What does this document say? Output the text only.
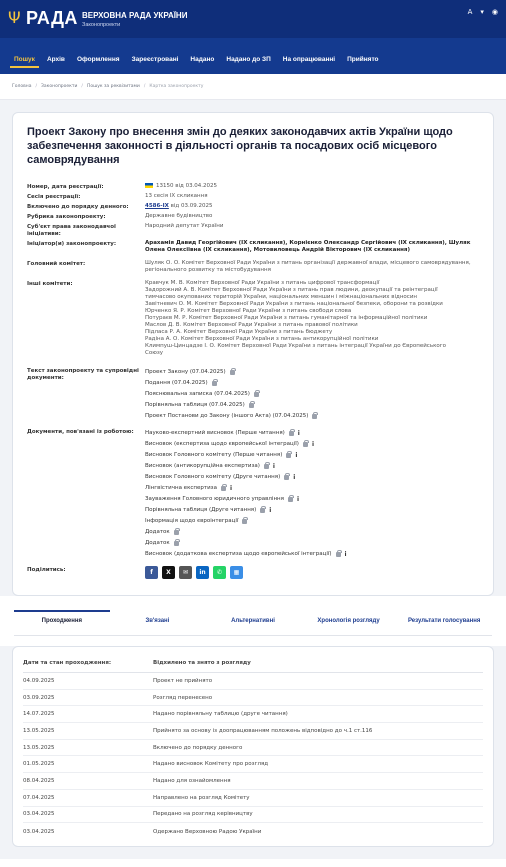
Ψ РАДА ВЕРХОВНА РАДА УКРАЇНИ
Законопроекти
A ▾ ◉
Пошук	Архів	Оформлення	Зареєстровані	Надано	Надано до ЗП	На опрацюванні	Прийнято
Головна / Законопроекти / Пошук за реквізитами / Картка законопроекту
Проект Закону про внесення змін до деяких законодавчих актів України щодо забезпечення законності в діяльності органів та посадових осіб місцевого самоврядування
Номер, дата реєстрації:	13150 від 03.04.2025
Сесія реєстрації:	13 сесія IX скликання
Включено до порядку денного:	4586-IX від 03.09.2025
Рубрика законопроекту:	Державне будівництво
Суб'єкт права законодавчої ініціативи:
Народний депутат України
Ініціатор(и) законопроекту:	Арахамія Давид Георгійович (IX скликання), Корнієнко Олександр Сергійович (IX скликання), Шуляк Олена Олексіївна (IX скликання), Мотовиловець Андрій Вікторович (IX скликання)
Головний комітет:	Шуляк О. О. Комітет Верховної Ради України з питань організації державної влади, місцевого самоврядування, регіонального розвитку та містобудування
Інші комітети:	Кравчук М. В. Комітет Верховної Ради України з питань цифрової трансформації
Задорожний А. В. Комітет Верховної Ради України з питань прав людини, деокупації та реінтеграції
тимчасово окупованих територій України, національних меншин і міжнаціональних відносин
Завітневич О. М. Комітет Верховної Ради України з питань національної безпеки, оборони та розвідки
Юрченко Я. Р. Комітет Верховної Ради України з питань свободи слова
Потураєв М. Р. Комітет Верховної Ради України з питань гуманітарної та інформаційної політики
Маслов Д. В. Комітет Верховної Ради України з питань правової політики
Підласа Р. А. Комітет Верховної Ради України з питань бюджету
Радіна А. О. Комітет Верховної Ради України з питань антикорупційної політики
Климпуш-Цинцадзе І. О. Комітет Верховної Ради України з питань інтеграції України до Європейського
Союзу
Текст законопроекту та супровідні документи:
Проект Закону (07.04.2025)
Подання (07.04.2025)
Пояснювальна записка (07.04.2025)
Порівняльна таблиця (07.04.2025)
Проект Постанови до Закону (іншого Акта) (07.04.2025)
Документи, пов'язані із роботою:	Науково-експертний висновок (Перше читання) i
Висновок (експертиза щодо європейської інтеграції) i
Висновок Головного комітету (Перше читання) i
Висновок (антикорупційна експертиза) i
Висновок Головного комітету (Друге читання) i
Лінгвістична експертиза i
Зауваження Головного юридичного управління i
Порівняльна таблиця (Друге читання) i
Інформація щодо євроінтеграції
Додаток
Додаток
Висновок (додаткова експертиза щодо європейської інтеграції) i
Поділитись:	f	X	✉	in	✆	▦
Проходження	Зв'язані	Альтернативні	Хронологія розгляду	Результати голосування
Дати та стан проходження:	Відхилено та знято з розгляду
04.09.2025	Проект не прийнято
03.09.2025	Розгляд перенесено
14.07.2025	Надано порівняльну таблицю (друге читання)
13.05.2025	Прийнято за основу із доопрацюванням положень відповідно до ч.1 ст.116
13.05.2025	Включено до порядку денного
01.05.2025	Надано висновок Комітету про розгляд
08.04.2025	Надано для ознайомлення
07.04.2025	Направлено на розгляд Комітету
03.04.2025	Передано на розгляд керівництву
03.04.2025	Одержано Верховною Радою України
